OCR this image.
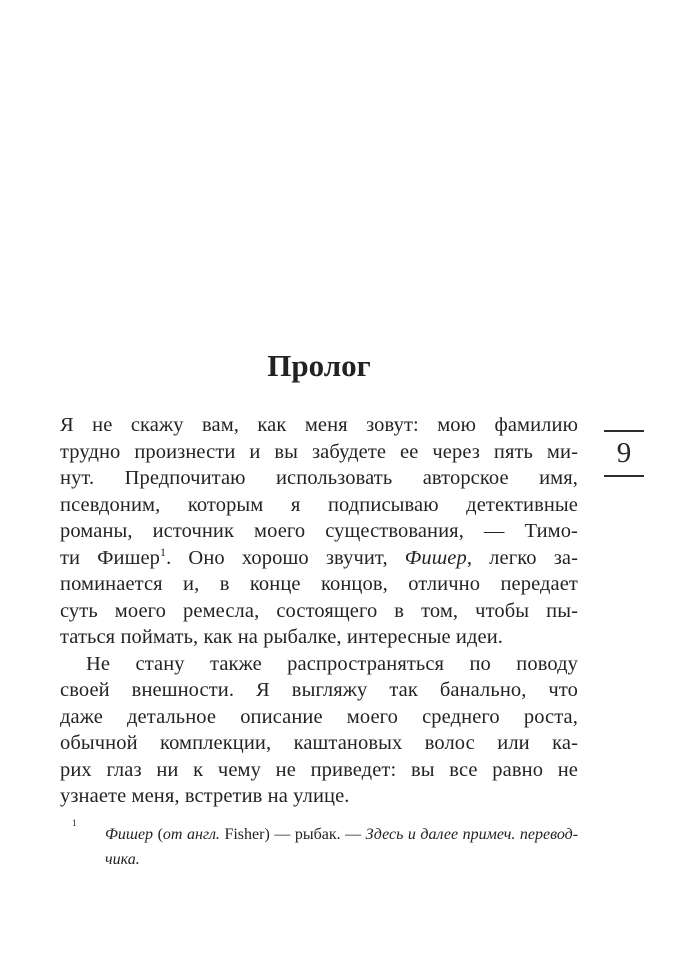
Пролог
9
Я не скажу вам, как меня зовут: мою фамилию
трудно произнести и вы забудете ее через пять ми-
нут. Предпочитаю использовать авторское имя,
псевдоним, которым я подписываю детективные
романы, источник моего существования, — Тимо-
ти Фишер$^1$. Оно хорошо звучит, Фишер, легко за-
поминается и, в конце концов, отлично передает
суть моего ремесла, состоящего в том, чтобы пы-
таться поймать, как на рыбалке, интересные идеи.
Не стану также распространяться по поводу
своей внешности. Я выгляжу так банально, что
даже детальное описание моего среднего роста,
обычной комплекции, каштановых волос или ка-
рих глаз ни к чему не приведет: вы все равно не
узнаете меня, встретив на улице.
$^1$
Фишер (от англ. Fisher) — рыбак. — Здесь и далее примеч. перевод-
чика.
